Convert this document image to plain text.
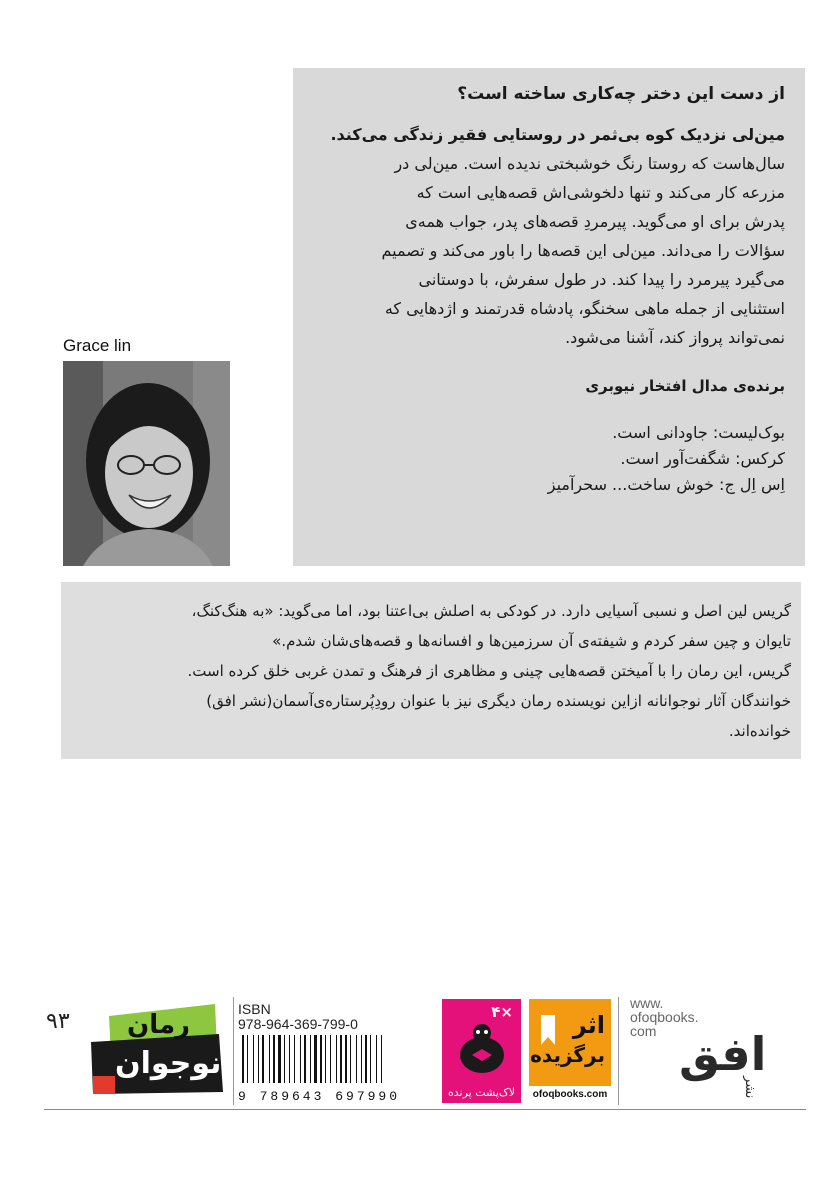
از دست این دختر چه‌کاری ساخته است؟
مین‌لی نزدیک کوه بی‌ثمر در روستایی فقیر زندگی می‌کند.
سال‌هاست که روستا رنگ خوشبختی ندیده است. مین‌لی در
مزرعه کار می‌کند و تنها دلخوشی‌اش قصه‌هایی است که
پدرش برای او می‌گوید. پیرمردِ قصه‌های پدر، جواب همه‌ی
سؤالات را می‌داند. مین‌لی این قصه‌ها را باور می‌کند و تصمیم
می‌گیرد پیرمرد را پیدا کند. در طول سفرش، با دوستانی
استثنایی از جمله ماهی سخنگو، پادشاه قدرتمند و اژدهایی که
نمی‌تواند پرواز کند، آشنا می‌شود.
برنده‌ی مدال افتخار نیوبری
بوک‌لیست: جاودانی است.
کرکس: شگفت‌آور است.
اِس اِل ج: خوش ساخت... سحرآمیز
Grace lin
گریس لین اصل و نسبی آسیایی دارد. در کودکی به اصلش بی‌اعتنا بود، اما می‌گوید: «به هنگ‌کنگ،
تایوان و چین سفر کردم و شیفته‌ی آن سرزمین‌ها و افسانه‌ها و قصه‌های‌شان شدم.»
گریس، این رمان را با آمیختن قصه‌هایی چینی و مظاهری از فرهنگ و تمدن غربی خلق کرده است.
خوانندگان آثار نوجوانانه ازاین نویسنده رمان دیگری نیز با عنوان رودِپُرستاره‌ی‌آسمان(نشر افق)
خوانده‌اند.
www.
ofoqbooks.
com افق
نشر
اثر
برگزیده
ofoqbooks.com
۴×
لاک‌پشت پرنده
ISBN
978-964-369-799-0
9 789643 697990
رمان
نوجوان
۹۳
